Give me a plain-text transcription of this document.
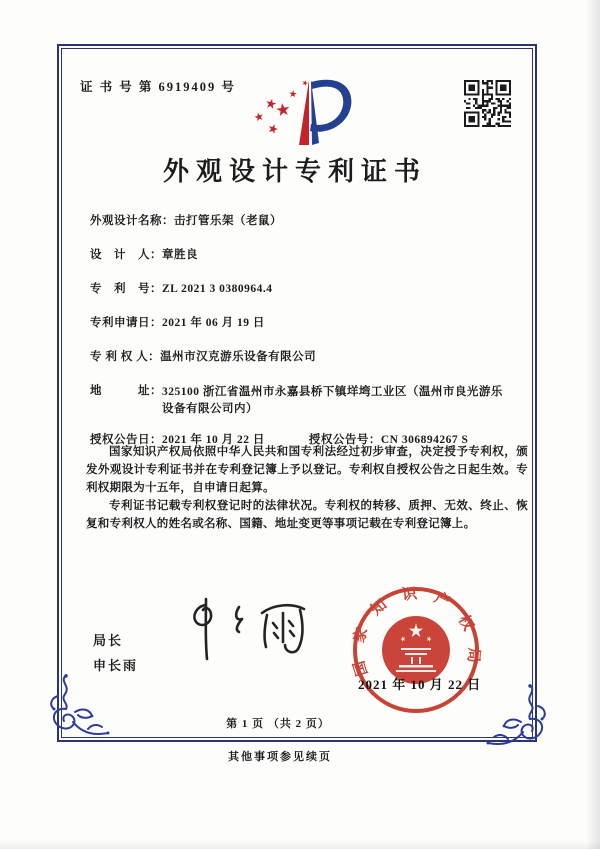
证 书 号 第 6919409 号
外观设计专利证书
外观设计名称： 击打管乐架（老鼠）
设　计　人： 章胜良
专　利　号： ZL 2021 3 0380964.4
专利申请日： 2021 年 06 月 19 日
专 利 权 人： 温州市汉克游乐设备有限公司
地　　　址： 325100 浙江省温州市永嘉县桥下镇垟塆工业区（温州市良光游乐设备有限公司内）
授权公告日： 2021 年 10 月 22 日	授权公告号： CN 306894267 S

国家知识产权局依照中华人民共和国专利法经过初步审查，决定授予专利权，颁发外观设计专利证书并在专利登记簿上予以登记。专利权自授权公告之日起生效。专利权期限为十五年，自申请日起算。

专利证书记载专利权登记时的法律状况。专利权的转移、质押、无效、终止、恢复和专利权人的姓名或名称、国籍、地址变更等事项记载在专利登记簿上。

局长
申长雨	国家知识产权局
2021 年 10 月 22 日
第 1 页 （共 2 页）
其他事项参见续页
